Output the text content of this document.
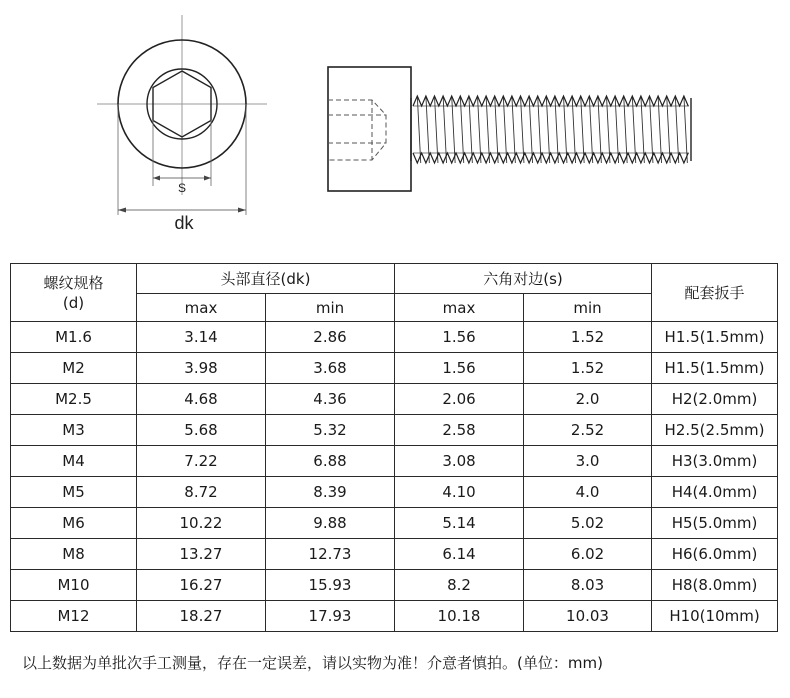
S
dk
螺纹规格
(d)	头部直径(dk)		六角对边(s)		配套扳手
	max	min	max	min	
M1.6	3.14	2.86	1.56	1.52	H1.5(1.5mm)
M2	3.98	3.68	1.56	1.52	H1.5(1.5mm)
M2.5	4.68	4.36	2.06	2.0	H2(2.0mm)
M3	5.68	5.32	2.58	2.52	H2.5(2.5mm)
M4	7.22	6.88	3.08	3.0	H3(3.0mm)
M5	8.72	8.39	4.10	4.0	H4(4.0mm)
M6	10.22	9.88	5.14	5.02	H5(5.0mm)
M8	13.27	12.73	6.14	6.02	H6(6.0mm)
M10	16.27	15.93	8.2	8.03	H8(8.0mm)
M12	18.27	17.93	10.18	10.03	H10(10mm)
以上数据为单批次手工测量，存在一定误差，请以实物为准！介意者慎拍。(单位：mm)
